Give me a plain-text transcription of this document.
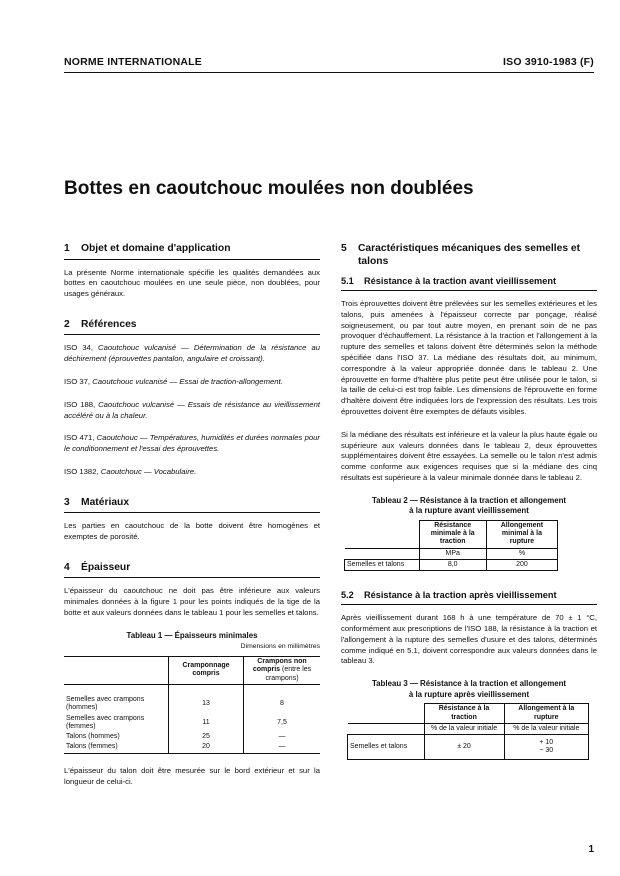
NORME INTERNATIONALE	ISO 3910-1983 (F)
Bottes en caoutchouc moulées non doublées
1 Objet et domaine d'application

La présente Norme internationale spécifie les qualités demandées aux bottes en caoutchouc moulées en une seule pièce, non doublées, pour usages généraux.

2 Références

ISO 34, Caoutchouc vulcanisé — Détermination de la résistance au déchirement (éprouvettes pantalon, angulaire et croissant).

ISO 37, Caoutchouc vulcanisé — Essai de traction-allongement.

ISO 188, Caoutchouc vulcanisé — Essais de résistance au vieillissement accéléré ou à la chaleur.

ISO 471, Caoutchouc — Températures, humidités et durées normales pour le conditionnement et l'essai des éprouvettes.

ISO 1382, Caoutchouc — Vocabulaire.

3 Matériaux

Les parties en caoutchouc de la botte doivent être homogènes et exemptes de porosité.

4 Épaisseur

L'épaisseur du caoutchouc ne doit pas être inférieure aux valeurs minimales données à la figure 1 pour les points indiqués de la tige de la botte et aux valeurs données dans le tableau 1 pour les semelles et talons.

Tableau 1 — Épaisseurs minimales
Dimensions en millimètres
	Cramponnage compris	Crampons non compris (entre les crampons)

Semelles avec crampons (hommes)	13	8
Semelles avec crampons (femmes)	11	7,5
Talons (hommes)	25	—
Talons (femmes)	20	—

L'épaisseur du talon doit être mesurée sur le bord extérieur et sur la longueur de celui-ci.

5	Caractéristiques mécaniques des semelles et talons
5.1 Résistance à la traction avant vieillissement

Trois éprouvettes doivent être prélevées sur les semelles extérieures et les talons, puis amenées à l'épaisseur correcte par ponçage, réalisé soigneusement, ou par tout autre moyen, en prenant soin de ne pas provoquer d'échauffement. La résistance à la traction et l'allongement à la rupture des semelles et talons doivent être déterminés selon la méthode spécifiée dans l'ISO 37. La médiane des résultats doit, au minimum, correspondre à la valeur appropriée donnée dans le tableau 2. Une éprouvette en forme d'haltère plus petite peut être utilisée pour le talon, si la taille de celui-ci est trop faible. Les dimensions de l'éprouvette en forme d'haltère doivent être indiquées lors de l'expression des résultats. Les trois éprouvettes doivent être exemptes de défauts visibles.

Si la médiane des résultats est inférieure et la valeur la plus haute égale ou supérieure aux valeurs données dans le tableau 2, deux éprouvettes supplémentaires doivent être essayées. La semelle ou le talon n'est admis comme conforme aux exigences requises que si la médiane des cinq résultats est supérieure à la valeur minimale donnée dans le tableau 2.

Tableau 2 — Résistance à la traction et allongement
à la rupture avant vieillissement
	Résistance minimale à la traction	Allongement minimal à la rupture
	MPa	%
Semelles et talons	8,0	200
5.2 Résistance à la traction après vieillissement

Après vieillissement durant 168 h à une température de 70 ± 1 °C, conformément aux prescriptions de l'ISO 188, la résistance à la traction et l'allongement à la rupture des semelles d'usure et des talons, déterminés comme indiqué en 5.1, doivent correspondre aux valeurs données dans le tableau 3.

Tableau 3 — Résistance à la traction et allongement
à la rupture après vieillissement
	Résistance à la traction	Allongement à la rupture
	% de la valeur initiale	% de la valeur initiale
Semelles et talons	± 20	+ 10
− 30
1
